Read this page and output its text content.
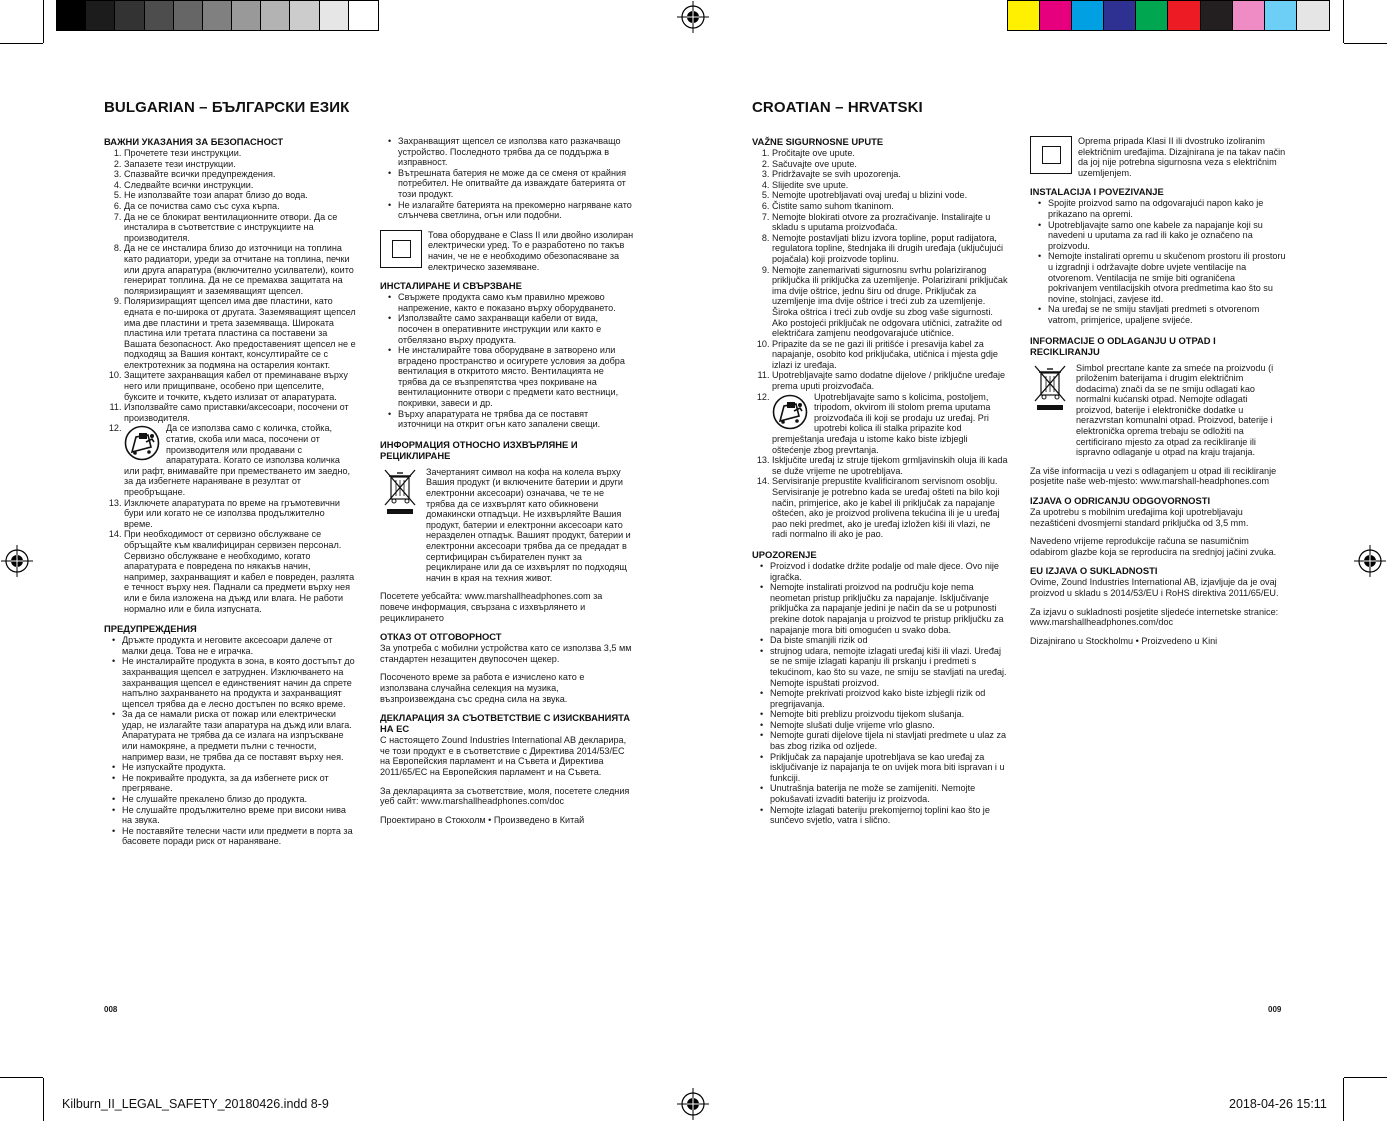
BULGARIAN – БЪЛГАРСКИ ЕЗИК
ВАЖНИ УКАЗАНИЯ ЗА БЕЗОПАСНОСТ
1. Прочетете тези инструкции.
2. Запазете тези инструкции.
3. Спазвайте всички предупреждения.
4. Следвайте всички инструкции.
5. Не използвайте този апарат близо до вода.
6. Да се почиства само със суха кърпа.
7. Да не се блокират вентилационните отвори. Да се инсталира в съответствие с инструкциите на производителя.
8. Да не се инсталира близо до източници на топлина като радиатори, уреди за отчитане на топлина, печки или друга апаратура (включително усилватели), които генерират топлина. Да не се премахва защитата на поляризиращият и заземяващият щепсел.
9. Поляризиращият щепсел има две пластини, като едната е по-широка от другата. Заземяващият щепсел има две пластини и трета заземяваща. Широката пластина или третата пластина са поставени за Вашата безопасност. Ако предоставеният щепсел не е подходящ за Вашия контакт, консултирайте се с електротехник за подмяна на остарелия контакт.
10. Защитете захранващия кабел от преминаване върху него или прищипване, особено при щепселите, буксите и точките, където излизат от апаратурата.
11. Използвайте само приставки/аксесоари, посочени от производителя.
12. Да се използва само с количка, стойка, статив, скоба или маса, посочени от производителя или продавани с апаратурата. Когато се използва количка или рафт, внимавайте при преместването им заедно, за да избегнете нараняване в резултат от преобръщане.
13. Изключете апаратурата по време на гръмотевични бури или когато не се използва продължително време.
14. При необходимост от сервизно обслужване се обръщайте към квалифициран сервизен персонал. Сервизно обслужване е необходимо, когато апаратурата е повредена по някакъв начин, например, захранващият и кабел е повреден, разлята е течност върху нея. Паднали са предмети върху нея или е била изложена на дъжд или влага. Не работи нормално или е била изпусната.
ПРЕДУПРЕЖДЕНИЯ
• Дръжте продукта и неговите аксесоари далече от малки деца. Това не е играчка.
• Не инсталирайте продукта в зона, в която достъпът до захранващия щепсел е затруднен. Изключването на захранващия щепсел е единственият начин да спрете напълно захранването на продукта и захранващият щепсел трябва да е лесно достъпен по всяко време.
• За да се намали риска от пожар или електрически удар, не излагайте тази апаратура на дъжд или влага. Апаратурата не трябва да се излага на изпръскване или намокряне, а предмети пълни с течности, например вази, не трябва да се поставят върху нея.
• Не изпускайте продукта.
• Не покривайте продукта, за да избегнете риск от прегряване.
• Не слушайте прекалено близо до продукта.
• Не слушайте продължително време при високи нива на звука.
• Не поставяйте телесни части или предмети в порта за басовете поради риск от нараняване.
• Захранващият щепсел се използва като разкачващо устройство. Последното трябва да се поддържа в изправност.
• Вътрешната батерия не може да се сменя от крайния потребител. Не опитвайте да изваждате батерията от този продукт.
• Не излагайте батерията на прекомерно нагряване като слънчева светлина, огън или подобни.
Това оборудване е Class II или двойно изолиран електрически уред. То е разработено по такъв начин, че не е необходимо обезопасяване за електрическо заземяване.
ИНСТАЛИРАНЕ И СВЪРЗВАНЕ
• Свържете продукта само към правилно мрежово напрежение, както е показано върху оборудването.
• Използвайте само захранващи кабели от вида, посочен в оперативните инструкции или както е отбелязано върху продукта.
• Не инсталирайте това оборудване в затворено или вградено пространство и осигурете условия за добра вентилация в откритото място. Вентилацията не трябва да се възпрепятства чрез покриване на вентилационните отвори с предмети като вестници, покривки, завеси и др.
• Върху апаратурата не трябва да се поставят източници на открит огън като запалени свещи.
ИНФОРМАЦИЯ ОТНОСНО ИЗХВЪРЛЯНЕ И РЕЦИКЛИРАНЕ
Зачертаният символ на кофа на колела върху Вашия продукт (и включените батерии и други електронни аксесоари) означава, че те не трябва да се изхвърлят като обикновени домакински отпадъци. Не изхвърляйте Вашия продукт, батерии и електронни аксесоари като неразделен отпадък. Вашият продукт, батерии и електронни аксесоари трябва да се предадат в сертифициран събирателен пункт за рециклиране или да се изхвърлят по подходящ начин в края на техния живот.

Посетете уебсайта: www.marshallheadphones.com за повече информация, свързана с изхвърлянето и рециклирането

ОТКАЗ ОТ ОТГОВОРНОСТ

За употреба с мобилни устройства като се използва 3,5 мм стандартен незащитен двупосочен щекер.

Посоченото време за работа е изчислено като е използвана случайна селекция на музика, възпроизвеждана със средна сила на звука.

ДЕКЛАРАЦИЯ ЗА СЪОТВЕТСТВИЕ С ИЗИСКВАНИЯТА НА ЕС

С настоящето Zound Industries International AB декларира, че този продукт е в съответствие с Директива 2014/53/ЕС на Европейския парламент и на Съвета и Директива 2011/65/ЕС на Европейския парламент и на Съвета.

За декларацията за съответствие, моля, посетете следния уеб сайт: www.marshallheadphones.com/doc

Проектирано в Стокхолм • Произведено в Китай

008
CROATIAN – HRVATSKI
VAŽNE SIGURNOSNE UPUTE
1. Pročitajte ove upute.
2. Sačuvajte ove upute.
3. Pridržavajte se svih upozorenja.
4. Slijedite sve upute.
5. Nemojte upotrebljavati ovaj uređaj u blizini vode.
6. Čistite samo suhom tkaninom.
7. Nemojte blokirati otvore za prozračivanje. Instalirajte u skladu s uputama proizvođača.
8. Nemojte postavljati blizu izvora topline, poput radijatora, regulatora topline, štednjaka ili drugih uređaja (uključujući pojačala) koji proizvode toplinu.
9. Nemojte zanemarivati sigurnosnu svrhu polariziranog priključka ili priključka za uzemljenje. Polarizirani priključak ima dvije oštrice, jednu širu od druge. Priključak za uzemljenje ima dvije oštrice i treći zub za uzemljenje. Široka oštrica i treći zub ovdje su zbog vaše sigurnosti. Ako postojeći priključak ne odgovara utičnici, zatražite od električara zamjenu neodgovarajuće utičnice.
10. Pripazite da se ne gazi ili pritišće i presavija kabel za napajanje, osobito kod priključaka, utičnica i mjesta gdje izlazi iz uređaja.
11. Upotrebljavajte samo dodatne dijelove / priključne uređaje prema uputi proizvođača.
12. Upotrebljavajte samo s kolicima, postoljem, tripodom, okvirom ili stolom prema uputama proizvođača ili koji se prodaju uz uređaj. Pri upotrebi kolica ili stalka pripazite kod premještanja uređaja u istome kako biste izbjegli oštećenje zbog prevrtanja.
13. Isključite uređaj iz struje tijekom grmljavinskih oluja ili kada se duže vrijeme ne upotrebljava.
14. Servisiranje prepustite kvalificiranom servisnom osoblju. Servisiranje je potrebno kada se uređaj ošteti na bilo koji način, primjerice, ako je kabel ili priključak za napajanje oštećen, ako je proizvod prolivena tekućina ili je u uređaj pao neki predmet, ako je uređaj izložen kiši ili vlazi, ne radi normalno ili ako je pao.
UPOZORENJE
• Proizvod i dodatke držite podalje od male djece. Ovo nije igračka.
• Nemojte instalirati proizvod na području koje nema neometan pristup priključku za napajanje. Isključivanje priključka za napajanje jedini je način da se u potpunosti prekine dotok napajanja u proizvod te pristup priključku za napajanje mora biti omogućen u svako doba.
• Da biste smanjili rizik od
• strujnog udara, nemojte izlagati uređaj kiši ili vlazi. Uređaj se ne smije izlagati kapanju ili prskanju i predmeti s tekućinom, kao što su vaze, ne smiju se stavljati na uređaj. Nemojte ispuštati proizvod.
• Nemojte prekrivati proizvod kako biste izbjegli rizik od pregrijavanja.
• Nemojte biti preblizu proizvodu tijekom slušanja.
• Nemojte slušati dulje vrijeme vrlo glasno.
• Nemojte gurati dijelove tijela ni stavljati predmete u ulaz za bas zbog rizika od ozljede.
• Priključak za napajanje upotrebljava se kao uređaj za isključivanje iz napajanja te on uvijek mora biti ispravan i u funkciji.
• Unutrašnja baterija ne može se zamijeniti. Nemojte pokušavati izvaditi bateriju iz proizvoda.
• Nemojte izlagati bateriju prekomjernoj toplini kao što je sunčevo svjetlo, vatra i slično.
Oprema pripada Klasi II ili dvostruko izoliranim električnim uređajima. Dizajnirana je na takav način da joj nije potrebna sigurnosna veza s električnim uzemljenjem.
INSTALACIJA I POVEZIVANJE
• Spojite proizvod samo na odgovarajući napon kako je prikazano na opremi.
• Upotrebljavajte samo one kabele za napajanje koji su navedeni u uputama za rad ili kako je označeno na proizvodu.
• Nemojte instalirati opremu u skučenom prostoru ili prostoru u izgradnji i održavajte dobre uvjete ventilacije na otvorenom. Ventilacija ne smije biti ograničena pokrivanjem ventilacijskih otvora predmetima kao što su novine, stolnjaci, zavjese itd.
• Na uređaj se ne smiju stavljati predmeti s otvorenom vatrom, primjerice, upaljene svijeće.
INFORMACIJE O ODLAGANJU U OTPAD I RECIKLIRANJU
Simbol precrtane kante za smeće na proizvodu (i priloženim baterijama i drugim električnim dodacima) znači da se ne smiju odlagati kao normalni kućanski otpad. Nemojte odlagati proizvod, baterije i elektroničke dodatke u nerazvrstan komunalni otpad. Proizvod, baterije i elektronička oprema trebaju se odložiti na certificirano mjesto za otpad za recikliranje ili ispravno odlaganje u otpad na kraju trajanja.

Za više informacija u vezi s odlaganjem u otpad ili recikliranje posjetite naše web-mjesto: www.marshall-headphones.com

IZJAVA O ODRICANJU ODGOVORNOSTI

Za upotrebu s mobilnim uređajima koji upotrebljavaju nezaštićeni dvosmjerni standard priključka od 3,5 mm.

Navedeno vrijeme reprodukcije računa se nasumičnim odabirom glazbe koja se reproducira na srednjoj jačini zvuka.

EU IZJAVA O SUKLADNOSTI

Ovime, Zound Industries International AB, izjavljuje da je ovaj proizvod u skladu s 2014/53/EU i RoHS direktiva 2011/65/EU.

Za izjavu o sukladnosti posjetite sljedeće internetske stranice: www.marshallheadphones.com/doc

Dizajnirano u Stockholmu • Proizvedeno u Kini

009
Kilburn_II_LEGAL_SAFETY_20180426.indd 8-9	2018-04-26 15:11
